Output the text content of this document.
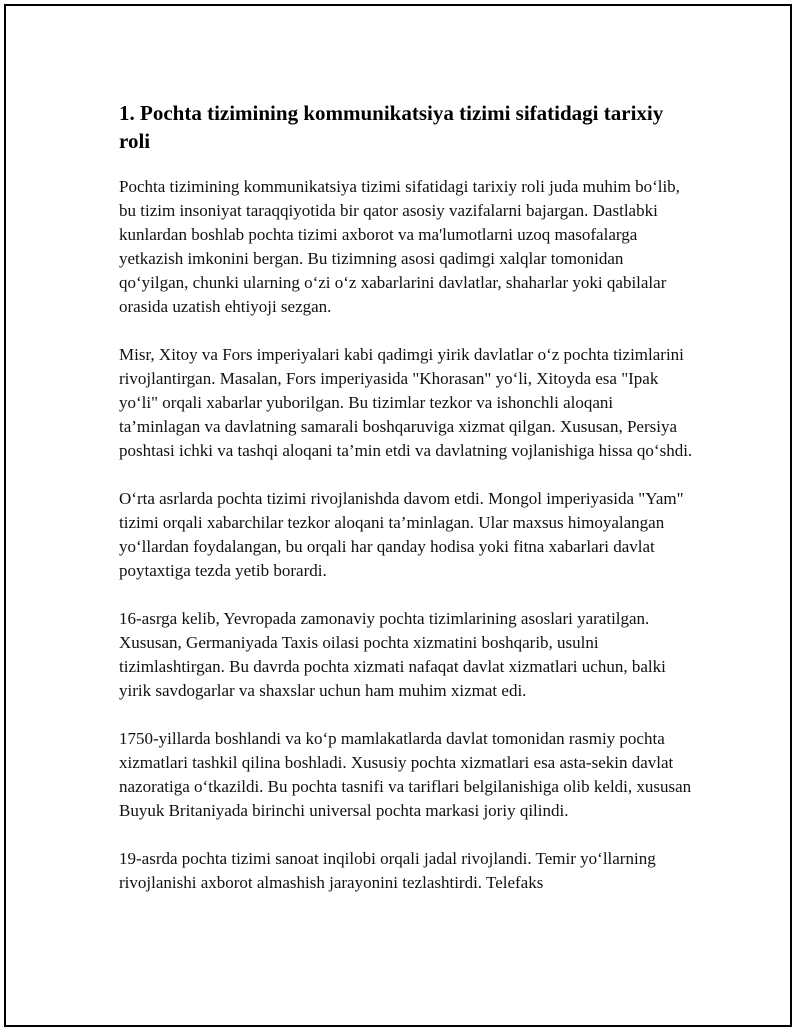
1. Pochta tizimining kommunikatsiya tizimi sifatidagi tarixiy roli

Pochta tizimining kommunikatsiya tizimi sifatidagi tarixiy roli juda muhim bo‘lib, bu tizim insoniyat taraqqiyotida bir qator asosiy vazifalarni bajargan. Dastlabki kunlardan boshlab pochta tizimi axborot va ma'lumotlarni uzoq masofalarga yetkazish imkonini bergan. Bu tizimning asosi qadimgi xalqlar tomonidan qo‘yilgan, chunki ularning o‘zi o‘z xabarlarini davlatlar, shaharlar yoki qabilalar orasida uzatish ehtiyoji sezgan.

Misr, Xitoy va Fors imperiyalari kabi qadimgi yirik davlatlar o‘z pochta tizimlarini rivojlantirgan. Masalan, Fors imperiyasida "Khorasan" yo‘li, Xitoyda esa "Ipak yo‘li" orqali xabarlar yuborilgan. Bu tizimlar tezkor va ishonchli aloqani ta’minlagan va davlatning samarali boshqaruviga xizmat qilgan. Xususan, Persiya poshtasi ichki va tashqi aloqani ta’min etdi va davlatning vojlanishiga hissa qo‘shdi.

O‘rta asrlarda pochta tizimi rivojlanishda davom etdi. Mongol imperiyasida "Yam" tizimi orqali xabarchilar tezkor aloqani ta’minlagan. Ular maxsus himoyalangan yo‘llardan foydalangan, bu orqali har qanday hodisa yoki fitna xabarlari davlat poytaxtiga tezda yetib borardi.

16-asrga kelib, Yevropada zamonaviy pochta tizimlarining asoslari yaratilgan. Xususan, Germaniyada Taxis oilasi pochta xizmatini boshqarib, usulni tizimlashtirgan. Bu davrda pochta xizmati nafaqat davlat xizmatlari uchun, balki yirik savdogarlar va shaxslar uchun ham muhim xizmat edi.

1750-yillarda boshlandi va ko‘p mamlakatlarda davlat tomonidan rasmiy pochta xizmatlari tashkil qilina boshladi. Xususiy pochta xizmatlari esa asta-sekin davlat nazoratiga o‘tkazildi. Bu pochta tasnifi va tariflari belgilanishiga olib keldi, xususan Buyuk Britaniyada birinchi universal pochta markasi joriy qilindi.

19-asrda pochta tizimi sanoat inqilobi orqali jadal rivojlandi. Temir yo‘llarning rivojlanishi axborot almashish jarayonini tezlashtirdi. Telefaks
